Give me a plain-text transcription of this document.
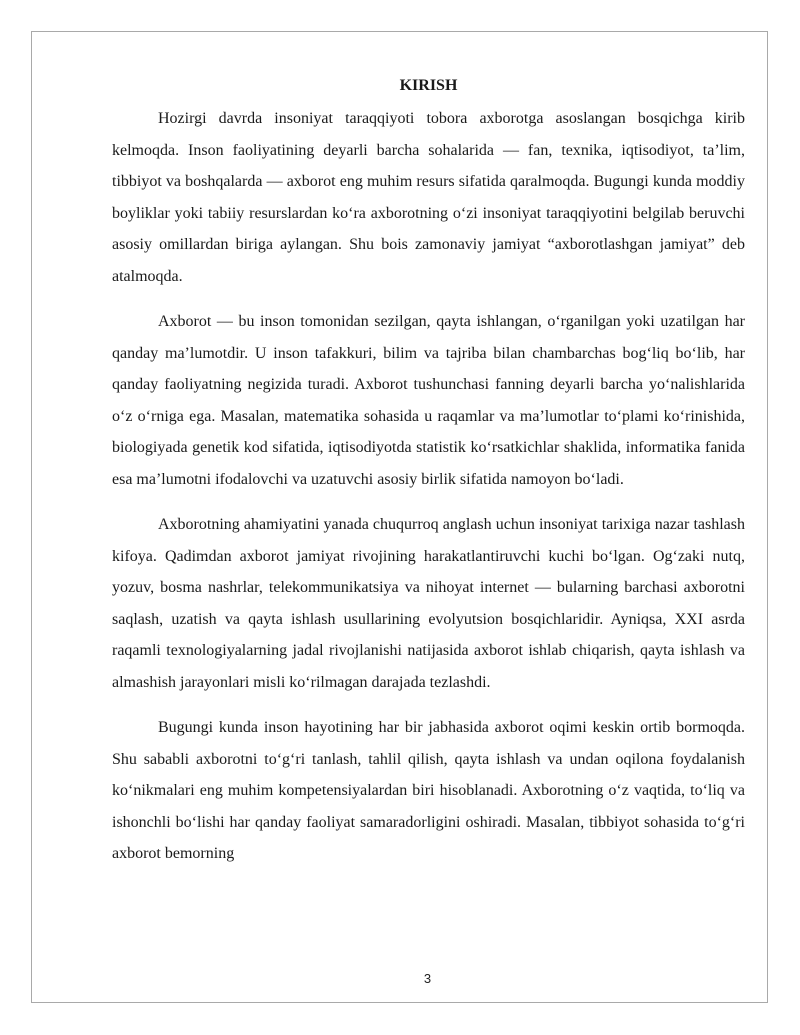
KIRISH

Hozirgi davrda insoniyat taraqqiyoti tobora axborotga asoslangan bosqichga kirib kelmoqda. Inson faoliyatining deyarli barcha sohalarida — fan, texnika, iqtisodiyot, ta’lim, tibbiyot va boshqalarda — axborot eng muhim resurs sifatida qaralmoqda. Bugungi kunda moddiy boyliklar yoki tabiiy resurslardan ko‘ra axborotning o‘zi insoniyat taraqqiyotini belgilab beruvchi asosiy omillardan biriga aylangan. Shu bois zamonaviy jamiyat “axborotlashgan jamiyat” deb atalmoqda.

Axborot — bu inson tomonidan sezilgan, qayta ishlangan, o‘rganilgan yoki uzatilgan har qanday ma’lumotdir. U inson tafakkuri, bilim va tajriba bilan chambarchas bog‘liq bo‘lib, har qanday faoliyatning negizida turadi. Axborot tushunchasi fanning deyarli barcha yo‘nalishlarida o‘z o‘rniga ega. Masalan, matematika sohasida u raqamlar va ma’lumotlar to‘plami ko‘rinishida, biologiyada genetik kod sifatida, iqtisodiyotda statistik ko‘rsatkichlar shaklida, informatika fanida esa ma’lumotni ifodalovchi va uzatuvchi asosiy birlik sifatida namoyon bo‘ladi.

Axborotning ahamiyatini yanada chuqurroq anglash uchun insoniyat tarixiga nazar tashlash kifoya. Qadimdan axborot jamiyat rivojining harakatlantiruvchi kuchi bo‘lgan. Og‘zaki nutq, yozuv, bosma nashrlar, telekommunikatsiya va nihoyat internet — bularning barchasi axborotni saqlash, uzatish va qayta ishlash usullarining evolyutsion bosqichlaridir. Ayniqsa, XXI asrda raqamli texnologiyalarning jadal rivojlanishi natijasida axborot ishlab chiqarish, qayta ishlash va almashish jarayonlari misli ko‘rilmagan darajada tezlashdi.

Bugungi kunda inson hayotining har bir jabhasida axborot oqimi keskin ortib bormoqda. Shu sababli axborotni to‘g‘ri tanlash, tahlil qilish, qayta ishlash va undan oqilona foydalanish ko‘nikmalari eng muhim kompetensiyalardan biri hisoblanadi. Axborotning o‘z vaqtida, to‘liq va ishonchli bo‘lishi har qanday faoliyat samaradorligini oshiradi. Masalan, tibbiyot sohasida to‘g‘ri axborot bemorning

3
